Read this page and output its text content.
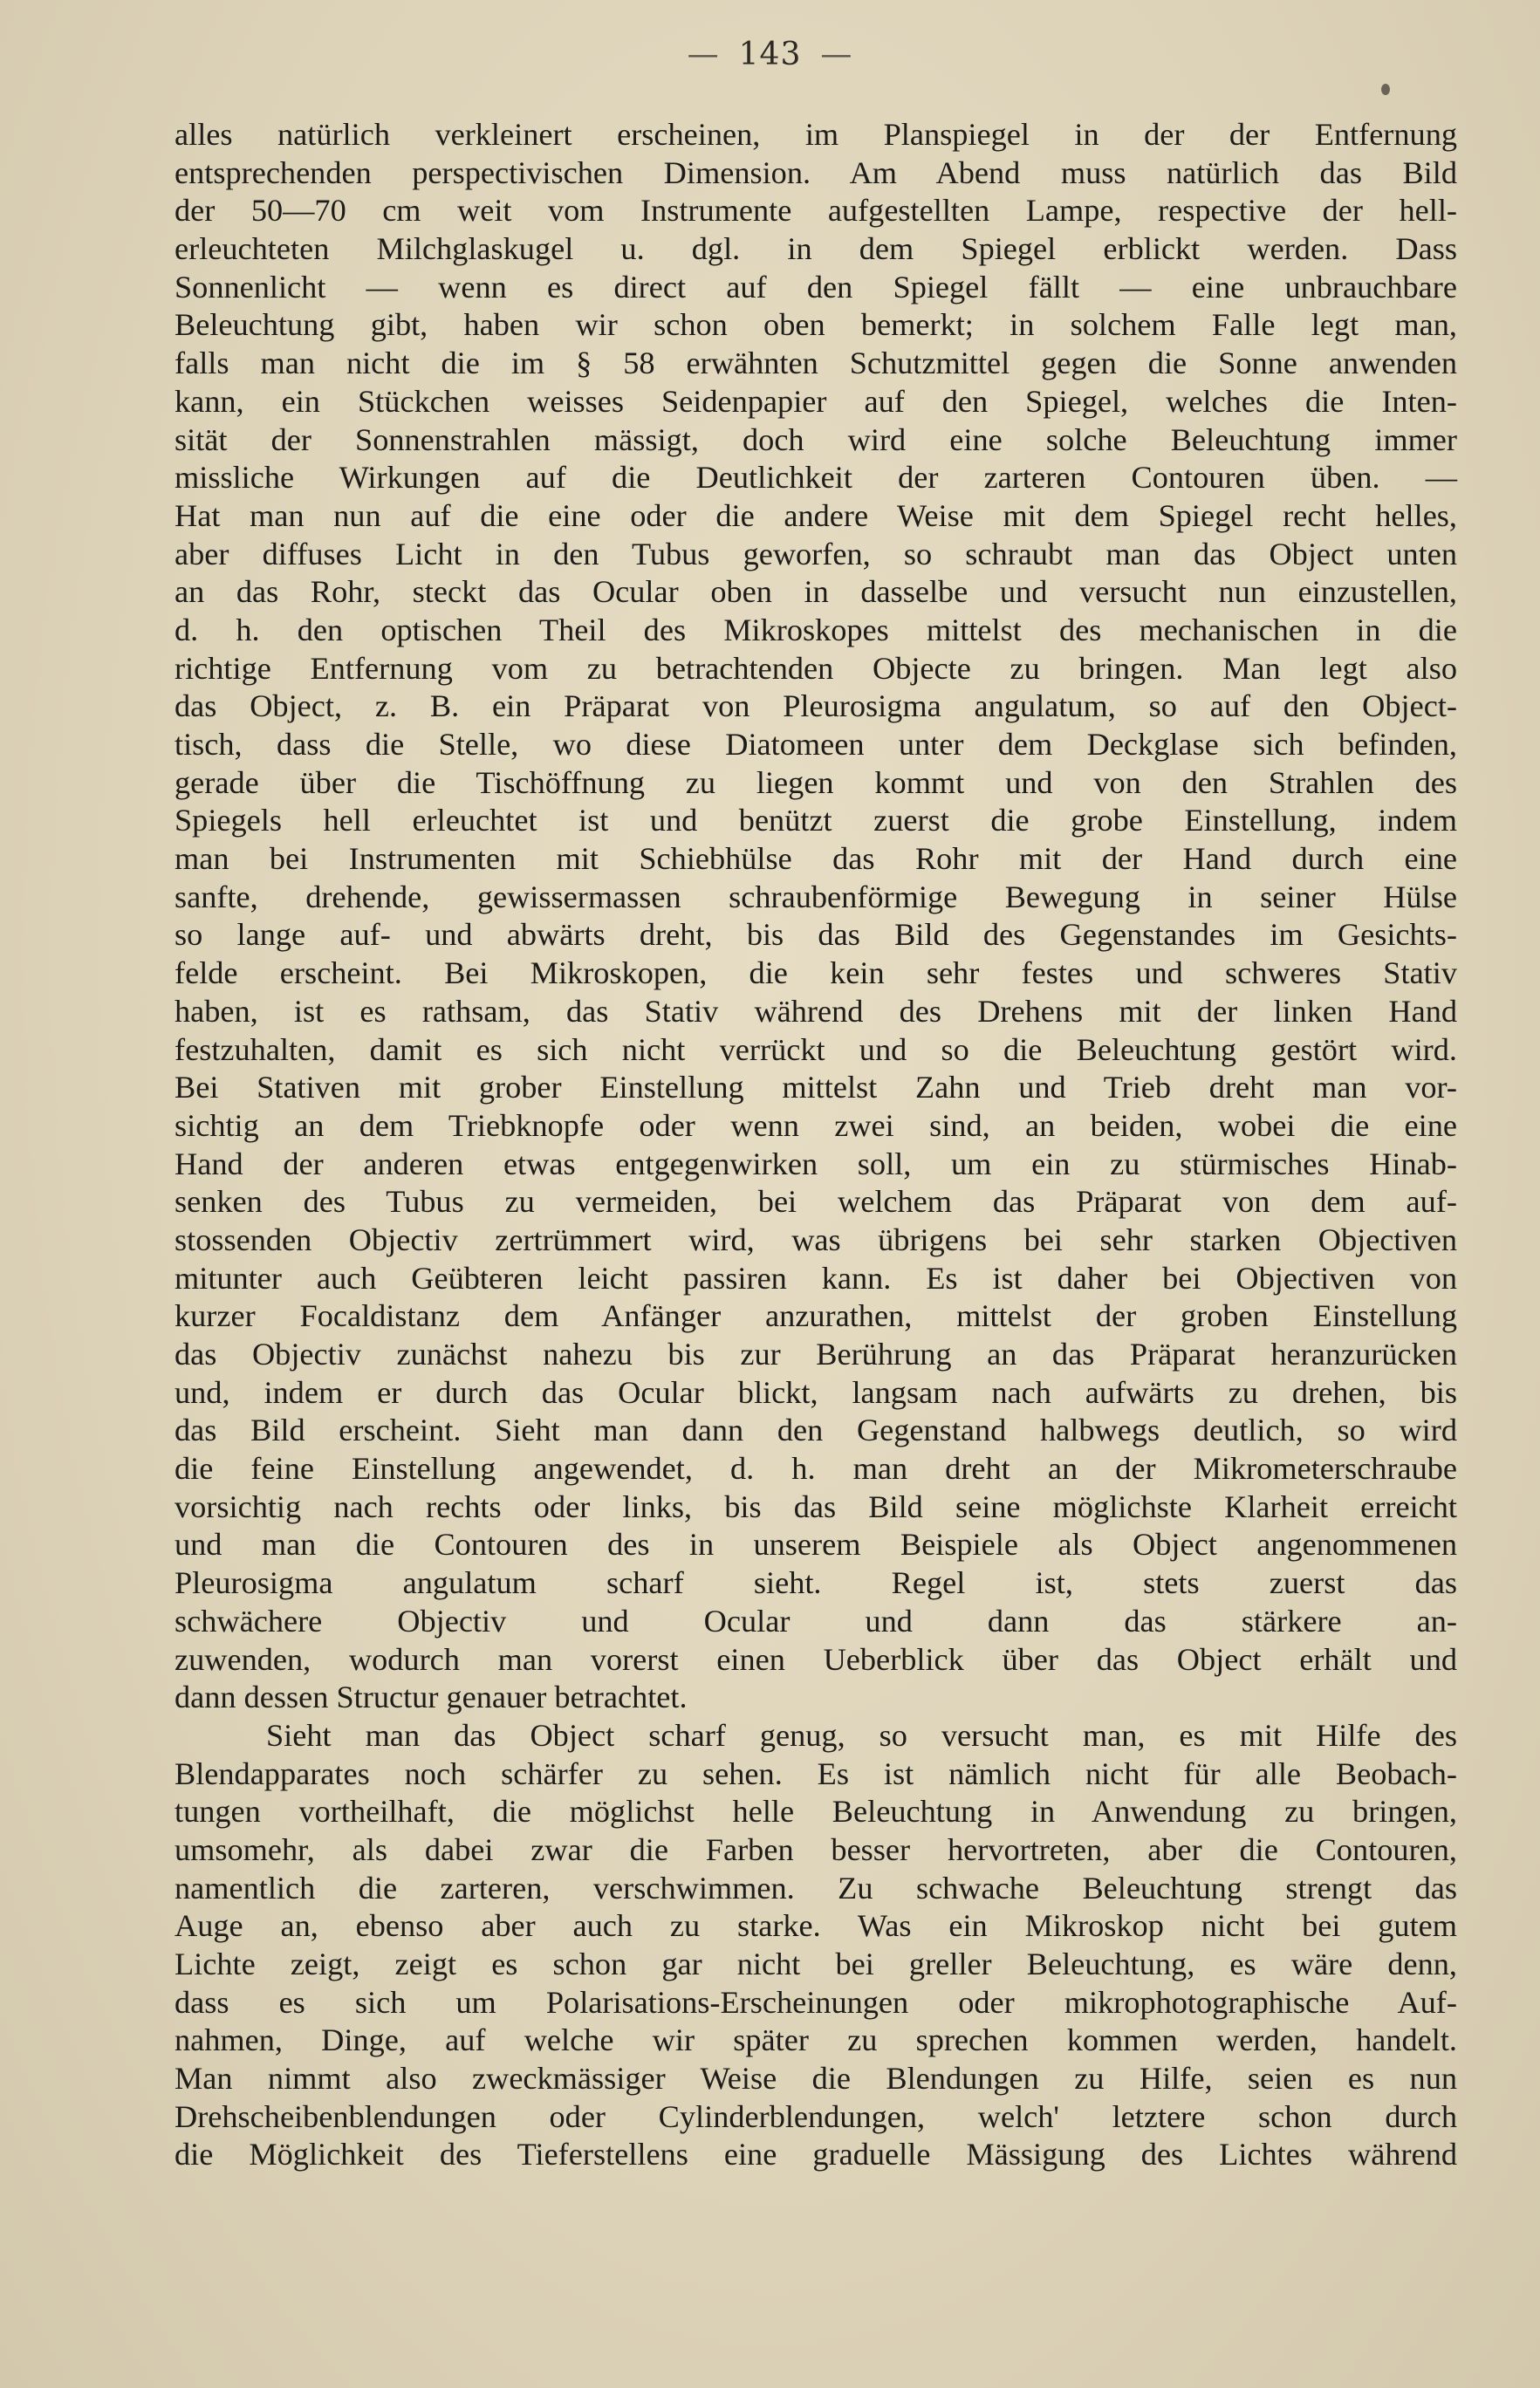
— 143 —
alles natürlich verkleinert erscheinen, im Planspiegel in der der Entfernung
entsprechenden perspectivischen Dimension. Am Abend muss natürlich das Bild
der 50—70 cm weit vom Instrumente aufgestellten Lampe, respective der hell-
erleuchteten Milchglaskugel u. dgl. in dem Spiegel erblickt werden. Dass
Sonnenlicht — wenn es direct auf den Spiegel fällt — eine unbrauchbare
Beleuchtung gibt, haben wir schon oben bemerkt; in solchem Falle legt man,
falls man nicht die im § 58 erwähnten Schutzmittel gegen die Sonne anwenden
kann, ein Stückchen weisses Seidenpapier auf den Spiegel, welches die Inten-
sität der Sonnenstrahlen mässigt, doch wird eine solche Beleuchtung immer
missliche Wirkungen auf die Deutlichkeit der zarteren Contouren üben. —
Hat man nun auf die eine oder die andere Weise mit dem Spiegel recht helles,
aber diffuses Licht in den Tubus geworfen, so schraubt man das Object unten
an das Rohr, steckt das Ocular oben in dasselbe und versucht nun einzustellen,
d. h. den optischen Theil des Mikroskopes mittelst des mechanischen in die
richtige Entfernung vom zu betrachtenden Objecte zu bringen. Man legt also
das Object, z. B. ein Präparat von Pleurosigma angulatum, so auf den Object-
tisch, dass die Stelle, wo diese Diatomeen unter dem Deckglase sich befinden,
gerade über die Tischöffnung zu liegen kommt und von den Strahlen des
Spiegels hell erleuchtet ist und benützt zuerst die grobe Einstellung, indem
man bei Instrumenten mit Schiebhülse das Rohr mit der Hand durch eine
sanfte, drehende, gewissermassen schraubenförmige Bewegung in seiner Hülse
so lange auf- und abwärts dreht, bis das Bild des Gegenstandes im Gesichts-
felde erscheint. Bei Mikroskopen, die kein sehr festes und schweres Stativ
haben, ist es rathsam, das Stativ während des Drehens mit der linken Hand
festzuhalten, damit es sich nicht verrückt und so die Beleuchtung gestört wird.
Bei Stativen mit grober Einstellung mittelst Zahn und Trieb dreht man vor-
sichtig an dem Triebknopfe oder wenn zwei sind, an beiden, wobei die eine
Hand der anderen etwas entgegenwirken soll, um ein zu stürmisches Hinab-
senken des Tubus zu vermeiden, bei welchem das Präparat von dem auf-
stossenden Objectiv zertrümmert wird, was übrigens bei sehr starken Objectiven
mitunter auch Geübteren leicht passiren kann. Es ist daher bei Objectiven von
kurzer Focaldistanz dem Anfänger anzurathen, mittelst der groben Einstellung
das Objectiv zunächst nahezu bis zur Berührung an das Präparat heranzurücken
und, indem er durch das Ocular blickt, langsam nach aufwärts zu drehen, bis
das Bild erscheint. Sieht man dann den Gegenstand halbwegs deutlich, so wird
die feine Einstellung angewendet, d. h. man dreht an der Mikrometerschraube
vorsichtig nach rechts oder links, bis das Bild seine möglichste Klarheit erreicht
und man die Contouren des in unserem Beispiele als Object angenommenen
Pleurosigma angulatum scharf sieht. Regel ist, stets zuerst das
schwächere Objectiv und Ocular und dann das stärkere an-
zuwenden, wodurch man vorerst einen Ueberblick über das Object erhält und
dann dessen Structur genauer betrachtet.
Sieht man das Object scharf genug, so versucht man, es mit Hilfe des
Blendapparates noch schärfer zu sehen. Es ist nämlich nicht für alle Beobach-
tungen vortheilhaft, die möglichst helle Beleuchtung in Anwendung zu bringen,
umsomehr, als dabei zwar die Farben besser hervortreten, aber die Contouren,
namentlich die zarteren, verschwimmen. Zu schwache Beleuchtung strengt das
Auge an, ebenso aber auch zu starke. Was ein Mikroskop nicht bei gutem
Lichte zeigt, zeigt es schon gar nicht bei greller Beleuchtung, es wäre denn,
dass es sich um Polarisations-Erscheinungen oder mikrophotographische Auf-
nahmen, Dinge, auf welche wir später zu sprechen kommen werden, handelt.
Man nimmt also zweckmässiger Weise die Blendungen zu Hilfe, seien es nun
Drehscheibenblendungen oder Cylinderblendungen, welch' letztere schon durch
die Möglichkeit des Tieferstellens eine graduelle Mässigung des Lichtes während
